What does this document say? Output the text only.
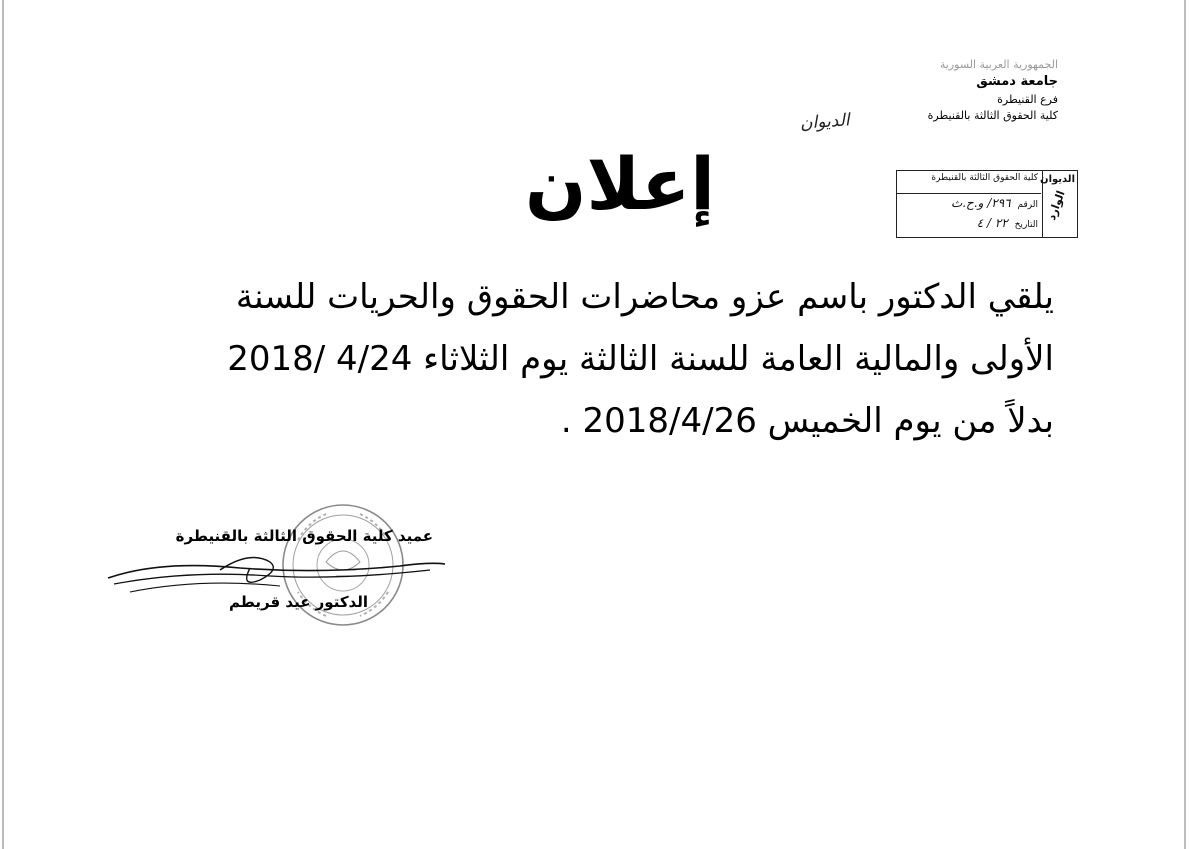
الجمهورية العربية السورية
جامعة دمشق
فرع القنيطرة
كلية الحقوق الثالثة بالقنيطرة
الديوان
الديوان
الوارد
كلية الحقوق الثالثة بالقنيطرة
الرقم ٢٩٦/ و.ح.ث
التاريخ ٢٢ / ٤
إعلان
يلقي الدكتور باسم عزو محاضرات الحقوق والحريات للسنة
الأولى والمالية العامة للسنة الثالثة يوم الثلاثاء 4/24 /2018
بدلاً من يوم الخميس 2018/4/26 .
عميد كلية الحقوق الثالثة بالقنيطرة
الدكتور عيد قريطم
